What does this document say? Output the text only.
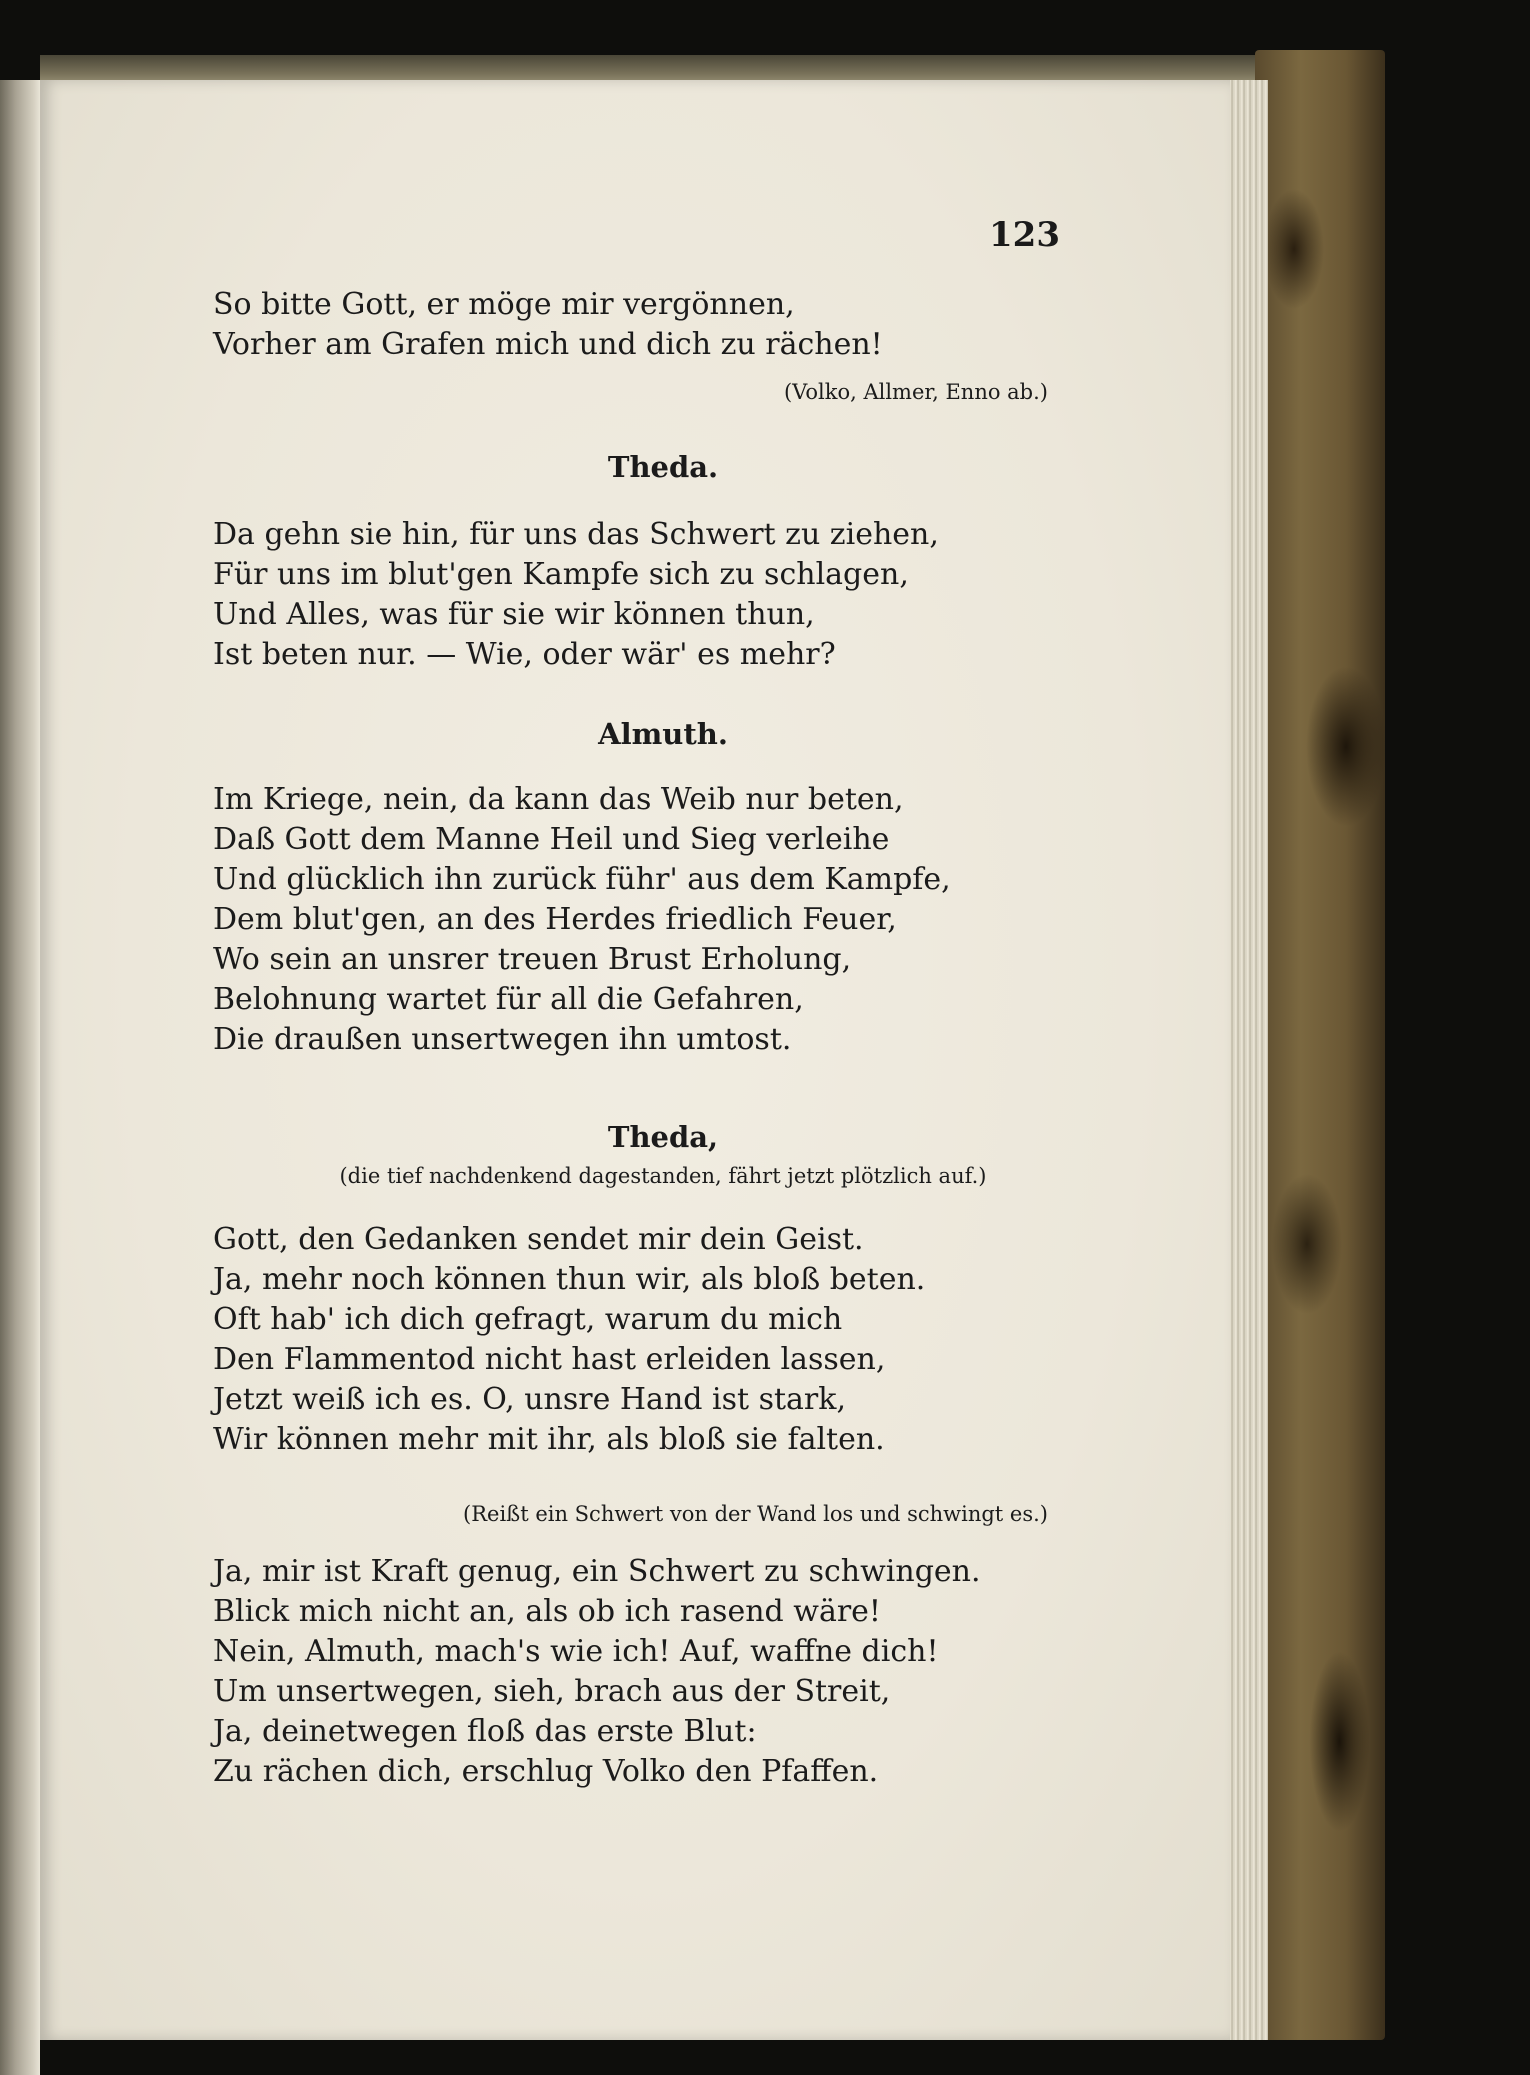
123
So bitte Gott, er möge mir vergönnen,
Vorher am Grafen mich und dich zu rächen!
(Volko, Allmer, Enno ab.)
Theda.
Da gehn sie hin, für uns das Schwert zu ziehen,
Für uns im blut'gen Kampfe sich zu schlagen,
Und Alles, was für sie wir können thun,
Ist beten nur. — Wie, oder wär' es mehr?
Almuth.
Im Kriege, nein, da kann das Weib nur beten,
Daß Gott dem Manne Heil und Sieg verleihe
Und glücklich ihn zurück führ' aus dem Kampfe,
Dem blut'gen, an des Herdes friedlich Feuer,
Wo sein an unsrer treuen Brust Erholung,
Belohnung wartet für all die Gefahren,
Die draußen unsertwegen ihn umtost.
Theda,
(die tief nachdenkend dagestanden, fährt jetzt plötzlich auf.)
Gott, den Gedanken sendet mir dein Geist.
Ja, mehr noch können thun wir, als bloß beten.
Oft hab' ich dich gefragt, warum du mich
Den Flammentod nicht hast erleiden lassen,
Jetzt weiß ich es. O, unsre Hand ist stark,
Wir können mehr mit ihr, als bloß sie falten.
(Reißt ein Schwert von der Wand los und schwingt es.)
Ja, mir ist Kraft genug, ein Schwert zu schwingen.
Blick mich nicht an, als ob ich rasend wäre!
Nein, Almuth, mach's wie ich! Auf, waffne dich!
Um unsertwegen, sieh, brach aus der Streit,
Ja, deinetwegen floß das erste Blut:
Zu rächen dich, erschlug Volko den Pfaffen.
